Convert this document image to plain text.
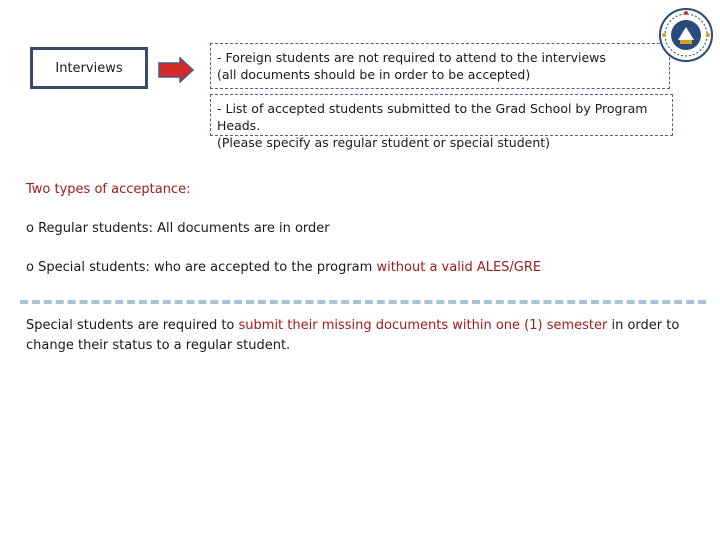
Interviews
- Foreign students are not required to attend to the interviews
(all documents should be in order to be accepted)
- List of accepted students submitted to the Grad School by Program Heads.
(Please specify as regular student or special student)
Two types of acceptance:
o Regular students: All documents are in order
o Special students: who are accepted to the program without a valid ALES/GRE
Special students are required to submit their missing documents within one (1) semester in order to change their status to a regular student.
